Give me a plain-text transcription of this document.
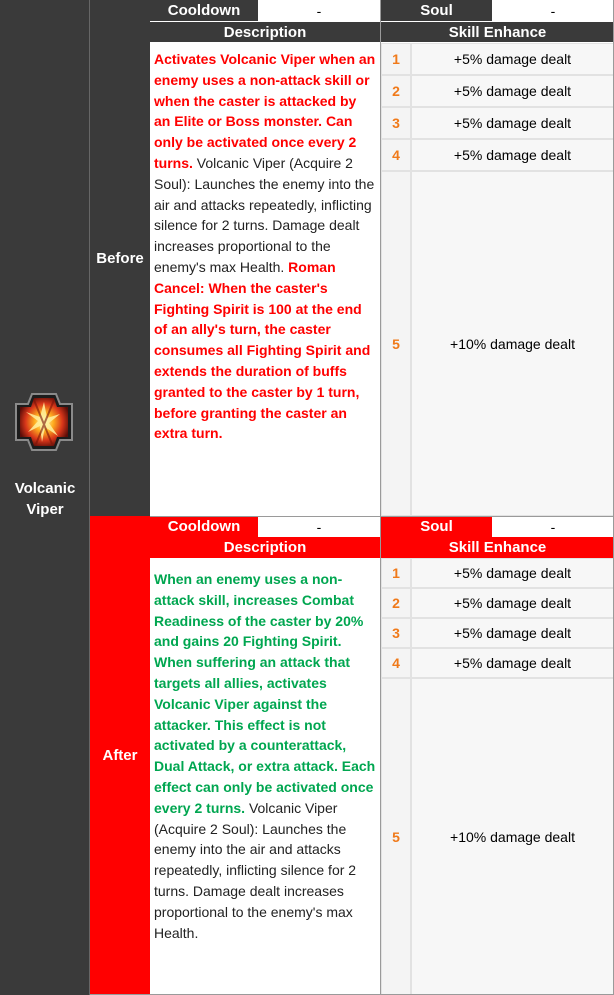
Volcanic Viper
Before
After
Cooldown	-	Soul	-
Description	Skill Enhance
Activates Volcanic Viper when an enemy uses a non-attack skill or when the caster is attacked by an Elite or Boss monster. Can only be activated once every 2 turns. Volcanic Viper (Acquire 2 Soul): Launches the enemy into the air and attacks repeatedly, inflicting silence for 2 turns. Damage dealt increases proportional to the enemy's max Health. Roman Cancel: When the caster's Fighting Spirit is 100 at the end of an ally's turn, the caster consumes all Fighting Spirit and extends the duration of buffs granted to the caster by 1 turn, before granting the caster an extra turn.
1	+5% damage dealt
2	+5% damage dealt
3	+5% damage dealt
4	+5% damage dealt
5	+10% damage dealt
Cooldown	-	Soul	-
Description	Skill Enhance
When an enemy uses a non-attack skill, increases Combat Readiness of the caster by 20% and gains 20 Fighting Spirit. When suffering an attack that targets all allies, activates Volcanic Viper against the attacker. This effect is not activated by a counterattack, Dual Attack, or extra attack. Each effect can only be activated once every 2 turns. Volcanic Viper (Acquire 2 Soul): Launches the enemy into the air and attacks repeatedly, inflicting silence for 2 turns. Damage dealt increases proportional to the enemy's max Health.
1	+5% damage dealt
2	+5% damage dealt
3	+5% damage dealt
4	+5% damage dealt
5	+10% damage dealt
